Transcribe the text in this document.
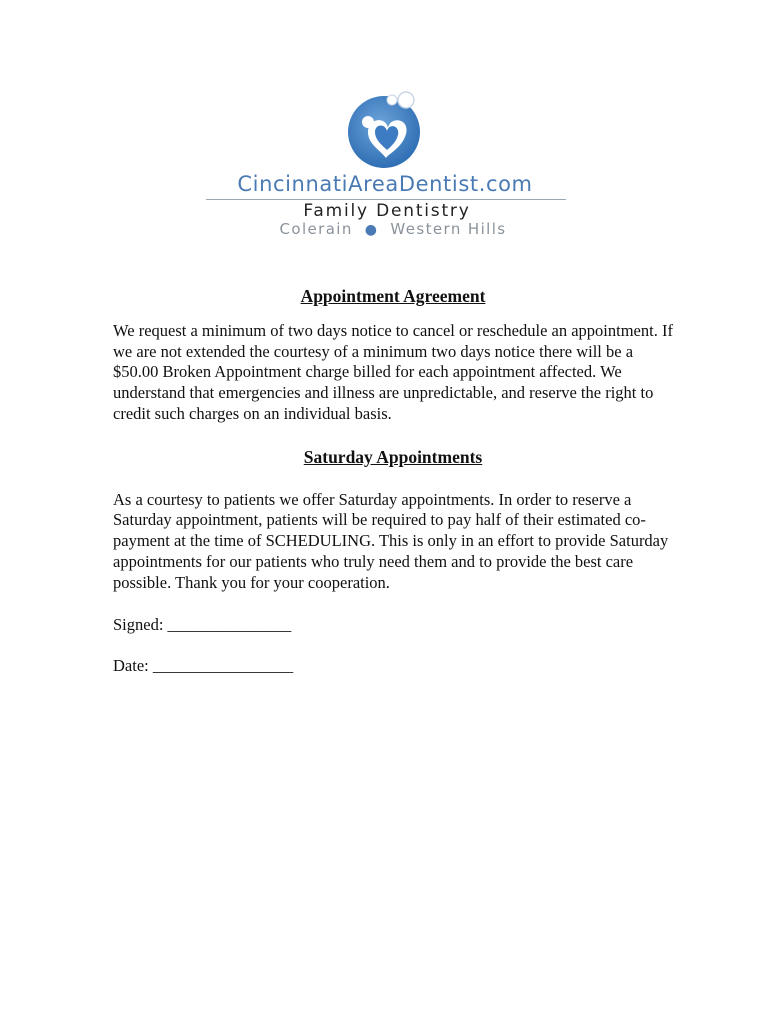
CincinnatiAreaDentist.com
Family Dentistry
Colerain ● Western Hills

Appointment Agreement

We request a minimum of two days notice to cancel or reschedule an appointment. If we are not extended the courtesy of a minimum two days notice there will be a $50.00 Broken Appointment charge billed for each appointment affected. We understand that emergencies and illness are unpredictable, and reserve the right to credit such charges on an individual basis.

Saturday Appointments

As a courtesy to patients we offer Saturday appointments. In order to reserve a Saturday appointment, patients will be required to pay half of their estimated co-payment at the time of SCHEDULING. This is only in an effort to provide Saturday appointments for our patients who truly need them and to provide the best care possible. Thank you for your cooperation.

Signed: _______________

Date: _________________
